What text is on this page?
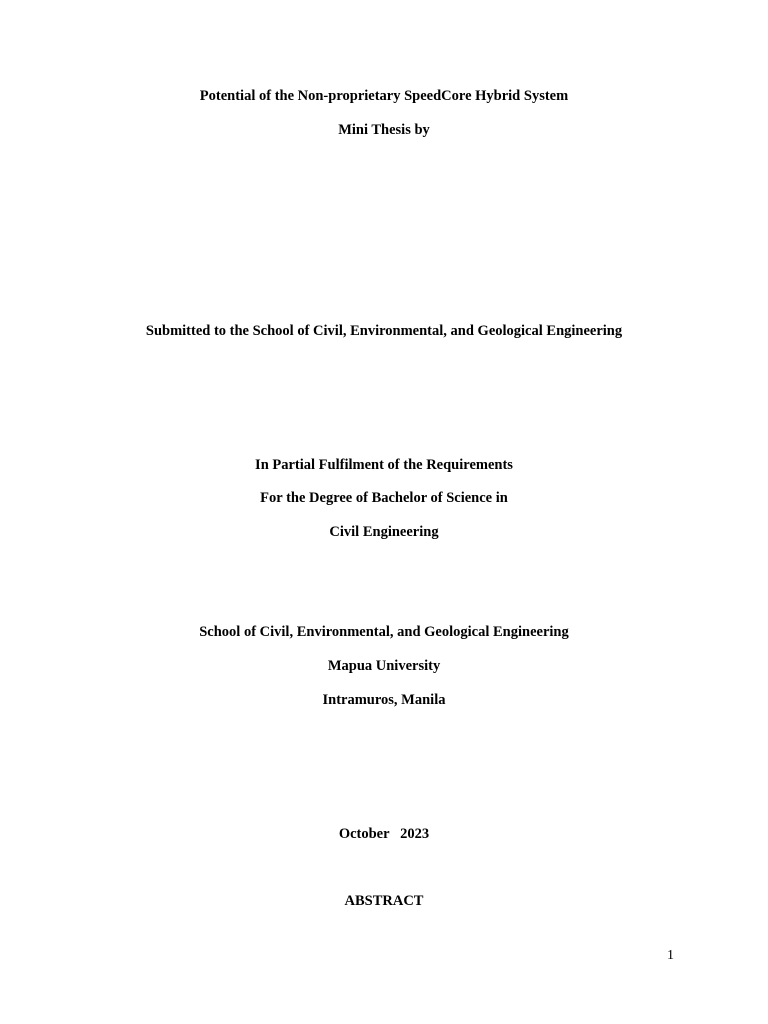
Potential of the Non-proprietary SpeedCore Hybrid System
Mini Thesis by
Submitted to the School of Civil, Environmental, and Geological Engineering
In Partial Fulfilment of the Requirements
For the Degree of Bachelor of Science in
Civil Engineering
School of Civil, Environmental, and Geological Engineering
Mapua University
Intramuros, Manila
October   2023
ABSTRACT
1
